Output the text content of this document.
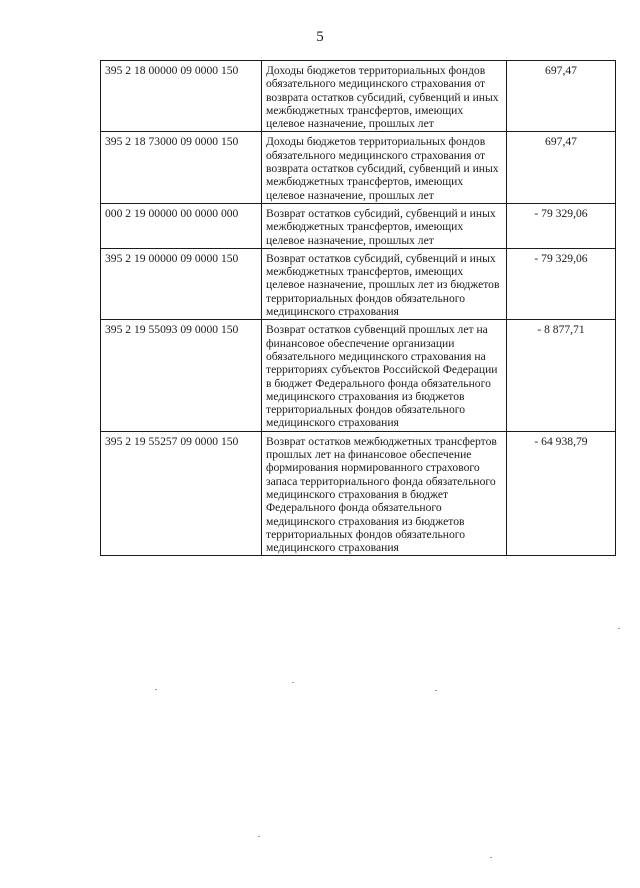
5
395 2 18 00000 09 0000 150	Доходы бюджетов территориальных фондов обязательного медицинского страхования от возврата остатков субсидий, субвенций и иных межбюджетных трансфертов, имеющих целевое назначение, прошлых лет	697,47
395 2 18 73000 09 0000 150	Доходы бюджетов территориальных фондов обязательного медицинского страхования от возврата остатков субсидий, субвенций и иных межбюджетных трансфертов, имеющих целевое назначение, прошлых лет	697,47
000 2 19 00000 00 0000 000	Возврат остатков субсидий, субвенций и иных межбюджетных трансфертов, имеющих целевое назначение, прошлых лет	- 79 329,06
395 2 19 00000 09 0000 150	Возврат остатков субсидий, субвенций и иных межбюджетных трансфертов, имеющих целевое назначение, прошлых лет из бюджетов территориальных фондов обязательного медицинского страхования	- 79 329,06
395 2 19 55093 09 0000 150	Возврат остатков субвенций прошлых лет на финансовое обеспечение организации обязательного медицинского страхования на территориях субъектов Российской Федерации в бюджет Федерального фонда обязательного медицинского страхования из бюджетов территориальных фондов обязательного медицинского страхования	- 8 877,71
395 2 19 55257 09 0000 150	Возврат остатков межбюджетных трансфертов прошлых лет на финансовое обеспечение формирования нормированного страхового запаса территориального фонда обязательного медицинского страхования в бюджет Федерального фонда обязательного медицинского страхования из бюджетов территориальных фондов обязательного медицинского страхования	- 64 938,79
